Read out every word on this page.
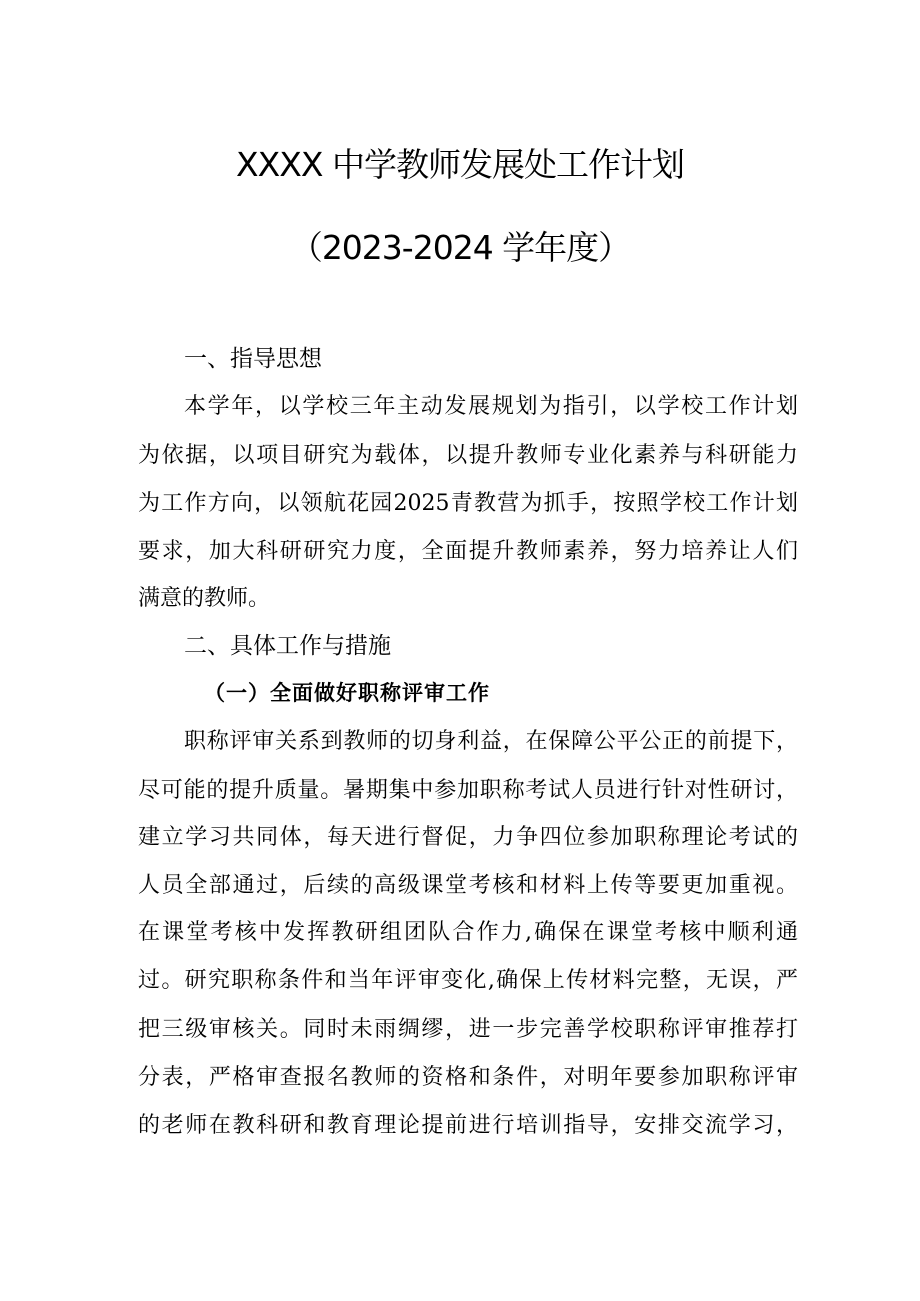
XXXX 中学教师发展处工作计划
（2023-2024 学年度）
一、指导思想
本学年，以学校三年主动发展规划为指引，以学校工作计划
为依据，以项目研究为载体，以提升教师专业化素养与科研能力
为工作方向，以领航花园2025青教营为抓手，按照学校工作计划
要求，加大科研研究力度，全面提升教师素养，努力培养让人们
满意的教师。
二、具体工作与措施
（一）全面做好职称评审工作
职称评审关系到教师的切身利益，在保障公平公正的前提下，
尽可能的提升质量。暑期集中参加职称考试人员进行针对性研讨，
建立学习共同体，每天进行督促，力争四位参加职称理论考试的
人员全部通过，后续的高级课堂考核和材料上传等要更加重视。
在课堂考核中发挥教研组团队合作力,确保在课堂考核中顺利通
过。研究职称条件和当年评审变化,确保上传材料完整，无误，严
把三级审核关。同时未雨绸缪，进一步完善学校职称评审推荐打
分表，严格审查报名教师的资格和条件，对明年要参加职称评审
的老师在教科研和教育理论提前进行培训指导，安排交流学习，
